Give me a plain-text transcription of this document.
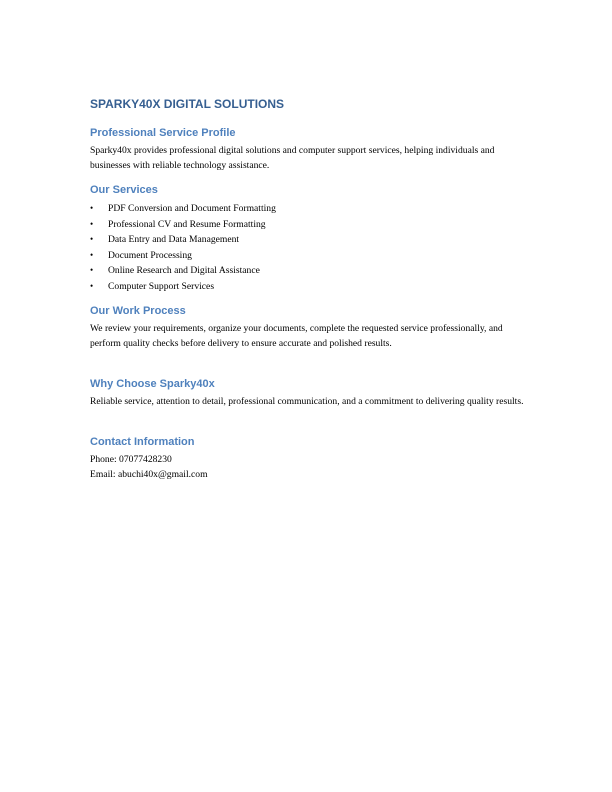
SPARKY40X DIGITAL SOLUTIONS
Professional Service Profile

Sparky40x provides professional digital solutions and computer support services, helping individuals and businesses with reliable technology assistance.

Our Services
• PDF Conversion and Document Formatting
• Professional CV and Resume Formatting
• Data Entry and Data Management
• Document Processing
• Online Research and Digital Assistance
• Computer Support Services
Our Work Process

We review your requirements, organize your documents, complete the requested service professionally, and perform quality checks before delivery to ensure accurate and polished results.

Why Choose Sparky40x

Reliable service, attention to detail, professional communication, and a commitment to delivering quality results.

Contact Information

Phone: 07077428230

Email: abuchi40x@gmail.com
